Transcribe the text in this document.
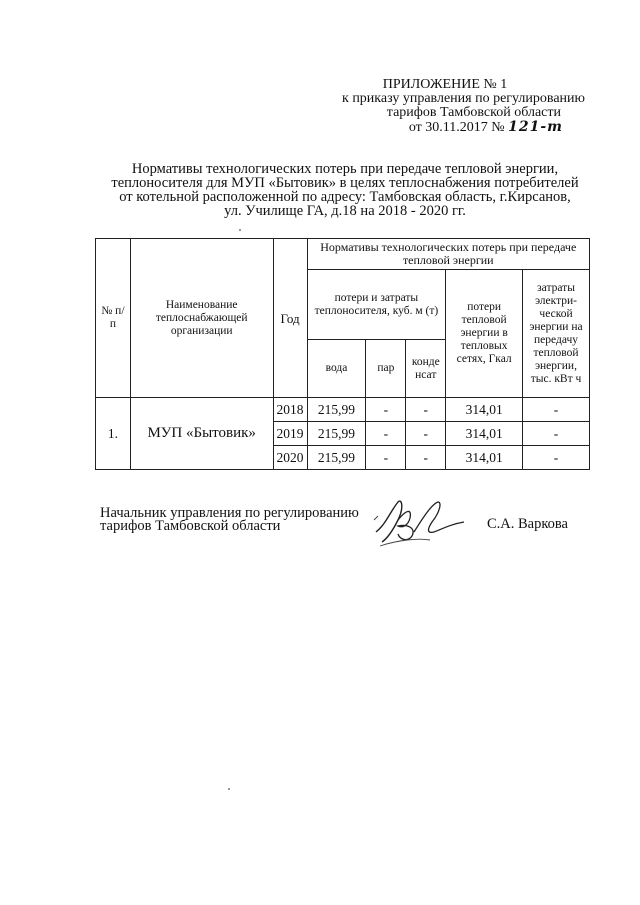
ПРИЛОЖЕНИЕ № 1
к приказу управления по регулированию
тарифов Тамбовской области
от 30.11.2017 № 121-т
Нормативы технологических потерь при передаче тепловой энергии,
теплоносителя для МУП «Бытовик» в целях теплоснабжения потребителей
от котельной расположенной по адресу: Тамбовская область, г.Кирсанов,
ул. Училище ГА, д.18 на 2018 - 2020 гг.
№ п/п	Наименование теплоснабжающей организации	Год	Нормативы технологических потерь при передаче тепловой энергии				
			потери и затраты теплоносителя, куб. м (т)			потери тепловой энергии в тепловых сетях, Гкал	затраты электри-ческой энергии на передачу тепловой энергии, тыс. кВт ч
			вода	пар	конде нсат		
1.	МУП «Бытовик»	2018	215,99	-	-	314,01	-
		2019	215,99	-	-	314,01	-
		2020	215,99	-	-	314,01	-
Начальник управления по регулированию
тарифов Тамбовской области	С.А. Варкова
